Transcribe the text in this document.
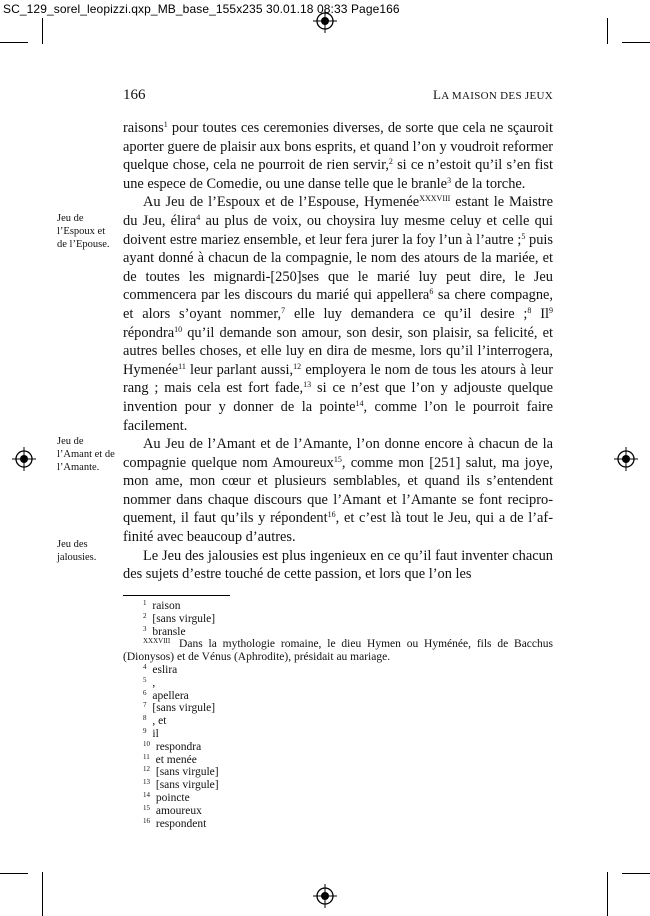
SC_129_sorel_leopizzi.qxp_MB_base_155x235 30.01.18 08:33 Page166
166	LA MAISON DES JEUX
Jeu de l’Espoux et de l’Epouse.
Jeu de l’Amant et de l’Amante.
Jeu des jalousies.

raisons$^1$ pour toutes ces ceremonies diverses, de sorte que cela ne sçauroit aporter guere de plaisir aux bons esprits, et quand l’on y voudroit reformer quelque chose, cela ne pourroit de rien servir,$^2$ si ce n’estoit qu’il s’en fist une espece de Comedie, ou une danse telle que le branle$^3$ de la torche.

Au Jeu de l’Espoux et de l’Espouse, Hymenée$^{XXXVIII}$ estant le Maistre du Jeu, élira$^4$ au plus de voix, ou choysira luy mesme celuy et celle qui doivent estre mariez ensemble, et leur fera jurer la foy l’un à l’autre ;$^5$ puis ayant donné à chacun de la compagnie, le nom des atours de la mariée, et de toutes les mignardi-[250]ses que le marié luy peut dire, le Jeu commencera par les discours du marié qui appellera$^6$ sa chere compagne, et alors s’oyant nommer,$^7$ elle luy demandera ce qu’il desire ;$^8$ Il$^9$ répondra$^{10}$ qu’il demande son amour, son desir, son plaisir, sa felicité, et autres belles choses, et elle luy en dira de mesme, lors qu’il l’interrogera, Hymenée$^{11}$ leur parlant aussi,$^{12}$ employera le nom de tous les atours à leur rang ; mais cela est fort fade,$^{13}$ si ce n’est que l’on y adjouste quelque invention pour y donner de la pointe$^{14}$, comme l’on le pourroit faire facilement.

Au Jeu de l’Amant et de l’Amante, l’on donne encore à chacun de la compagnie quelque nom Amoureux$^{15}$, comme mon [251] salut, ma joye, mon ame, mon cœur et plusieurs semblables, et quand ils s’entendent nommer dans chaque discours que l’Amant et l’Amante se font reciproquement, il faut qu’ils y répondent$^{16}$, et c’est là tout le Jeu, qui a de l’affinité avec beaucoup d’autres.

Le Jeu des jalousies est plus ingenieux en ce qu’il faut inventer chacun des sujets d’estre touché de cette passion, et lors que l’on les

$^1$ raison
$^2$ [sans virgule]
$^3$ bransle
$^{XXXVIII}$ Dans la mythologie romaine, le dieu Hymen ou Hyménée, fils de Bacchus (Dionysos) et de Vénus (Aphrodite), présidait au mariage.
$^4$ eslira
$^5$ ,
$^6$ apellera
$^7$ [sans virgule]
$^8$ , et
$^9$ il
$^{10}$ respondra
$^{11}$ et menée
$^{12}$ [sans virgule]
$^{13}$ [sans virgule]
$^{14}$ poincte
$^{15}$ amoureux
$^{16}$ respondent
